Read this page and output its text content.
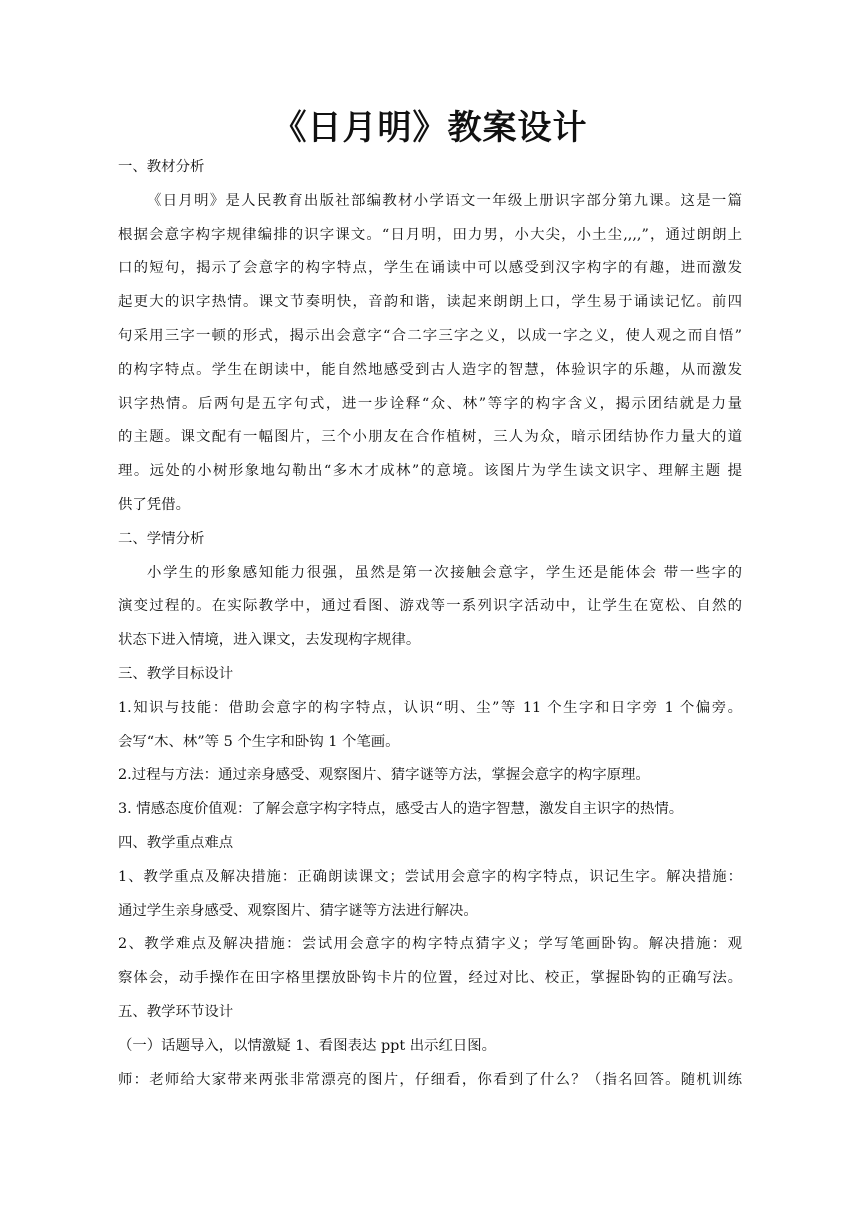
《日月明》教案设计
一、教材分析
《日月明》是人民教育出版社部编教材小学语文一年级上册识字部分第九课。这是一篇
根据会意字构字规律编排的识字课文。“日月明，田力男，小大尖，小土尘,,,,”，通过朗朗上
口的短句，揭示了会意字的构字特点，学生在诵读中可以感受到汉字构字的有趣，进而激发
起更大的识字热情。课文节奏明快，音韵和谐，读起来朗朗上口，学生易于诵读记忆。前四
句采用三字一顿的形式，揭示出会意字“合二字三字之义，以成一字之义，使人观之而自悟”
的构字特点。学生在朗读中，能自然地感受到古人造字的智慧，体验识字的乐趣，从而激发
识字热情。后两句是五字句式，进一步诠释“众、林”等字的构字含义，揭示团结就是力量
的主题。课文配有一幅图片，三个小朋友在合作植树，三人为众，暗示团结协作力量大的道
理。远处的小树形象地勾勒出“多木才成林”的意境。该图片为学生读文识字、理解主题 提
供了凭借。
二、学情分析
小学生的形象感知能力很强，虽然是第一次接触会意字，学生还是能体会 带一些字的
演变过程的。在实际教学中，通过看图、游戏等一系列识字活动中，让学生在宽松、自然的
状态下进入情境，进入课文，去发现构字规律。
三、教学目标设计
1.知识与技能：借助会意字的构字特点，认识“明、尘”等 11 个生字和日字旁 1 个偏旁。
会写“木、林”等 5 个生字和卧钩 1 个笔画。
2.过程与方法：通过亲身感受、观察图片、猜字谜等方法，掌握会意字的构字原理。
3. 情感态度价值观：了解会意字构字特点，感受古人的造字智慧，激发自主识字的热情。
四、教学重点难点
1、教学重点及解决措施：正确朗读课文；尝试用会意字的构字特点，识记生字。解决措施：
通过学生亲身感受、观察图片、猜字谜等方法进行解决。
2、教学难点及解决措施：尝试用会意字的构字特点猜字义；学写笔画卧钩。解决措施：观
察体会，动手操作在田字格里摆放卧钩卡片的位置，经过对比、校正，掌握卧钩的正确写法。
五、教学环节设计
（一）话题导入，以情激疑 1、看图表达 ppt 出示红日图。
师：老师给大家带来两张非常漂亮的图片，仔细看，你看到了什么？（指名回答。随机训练
